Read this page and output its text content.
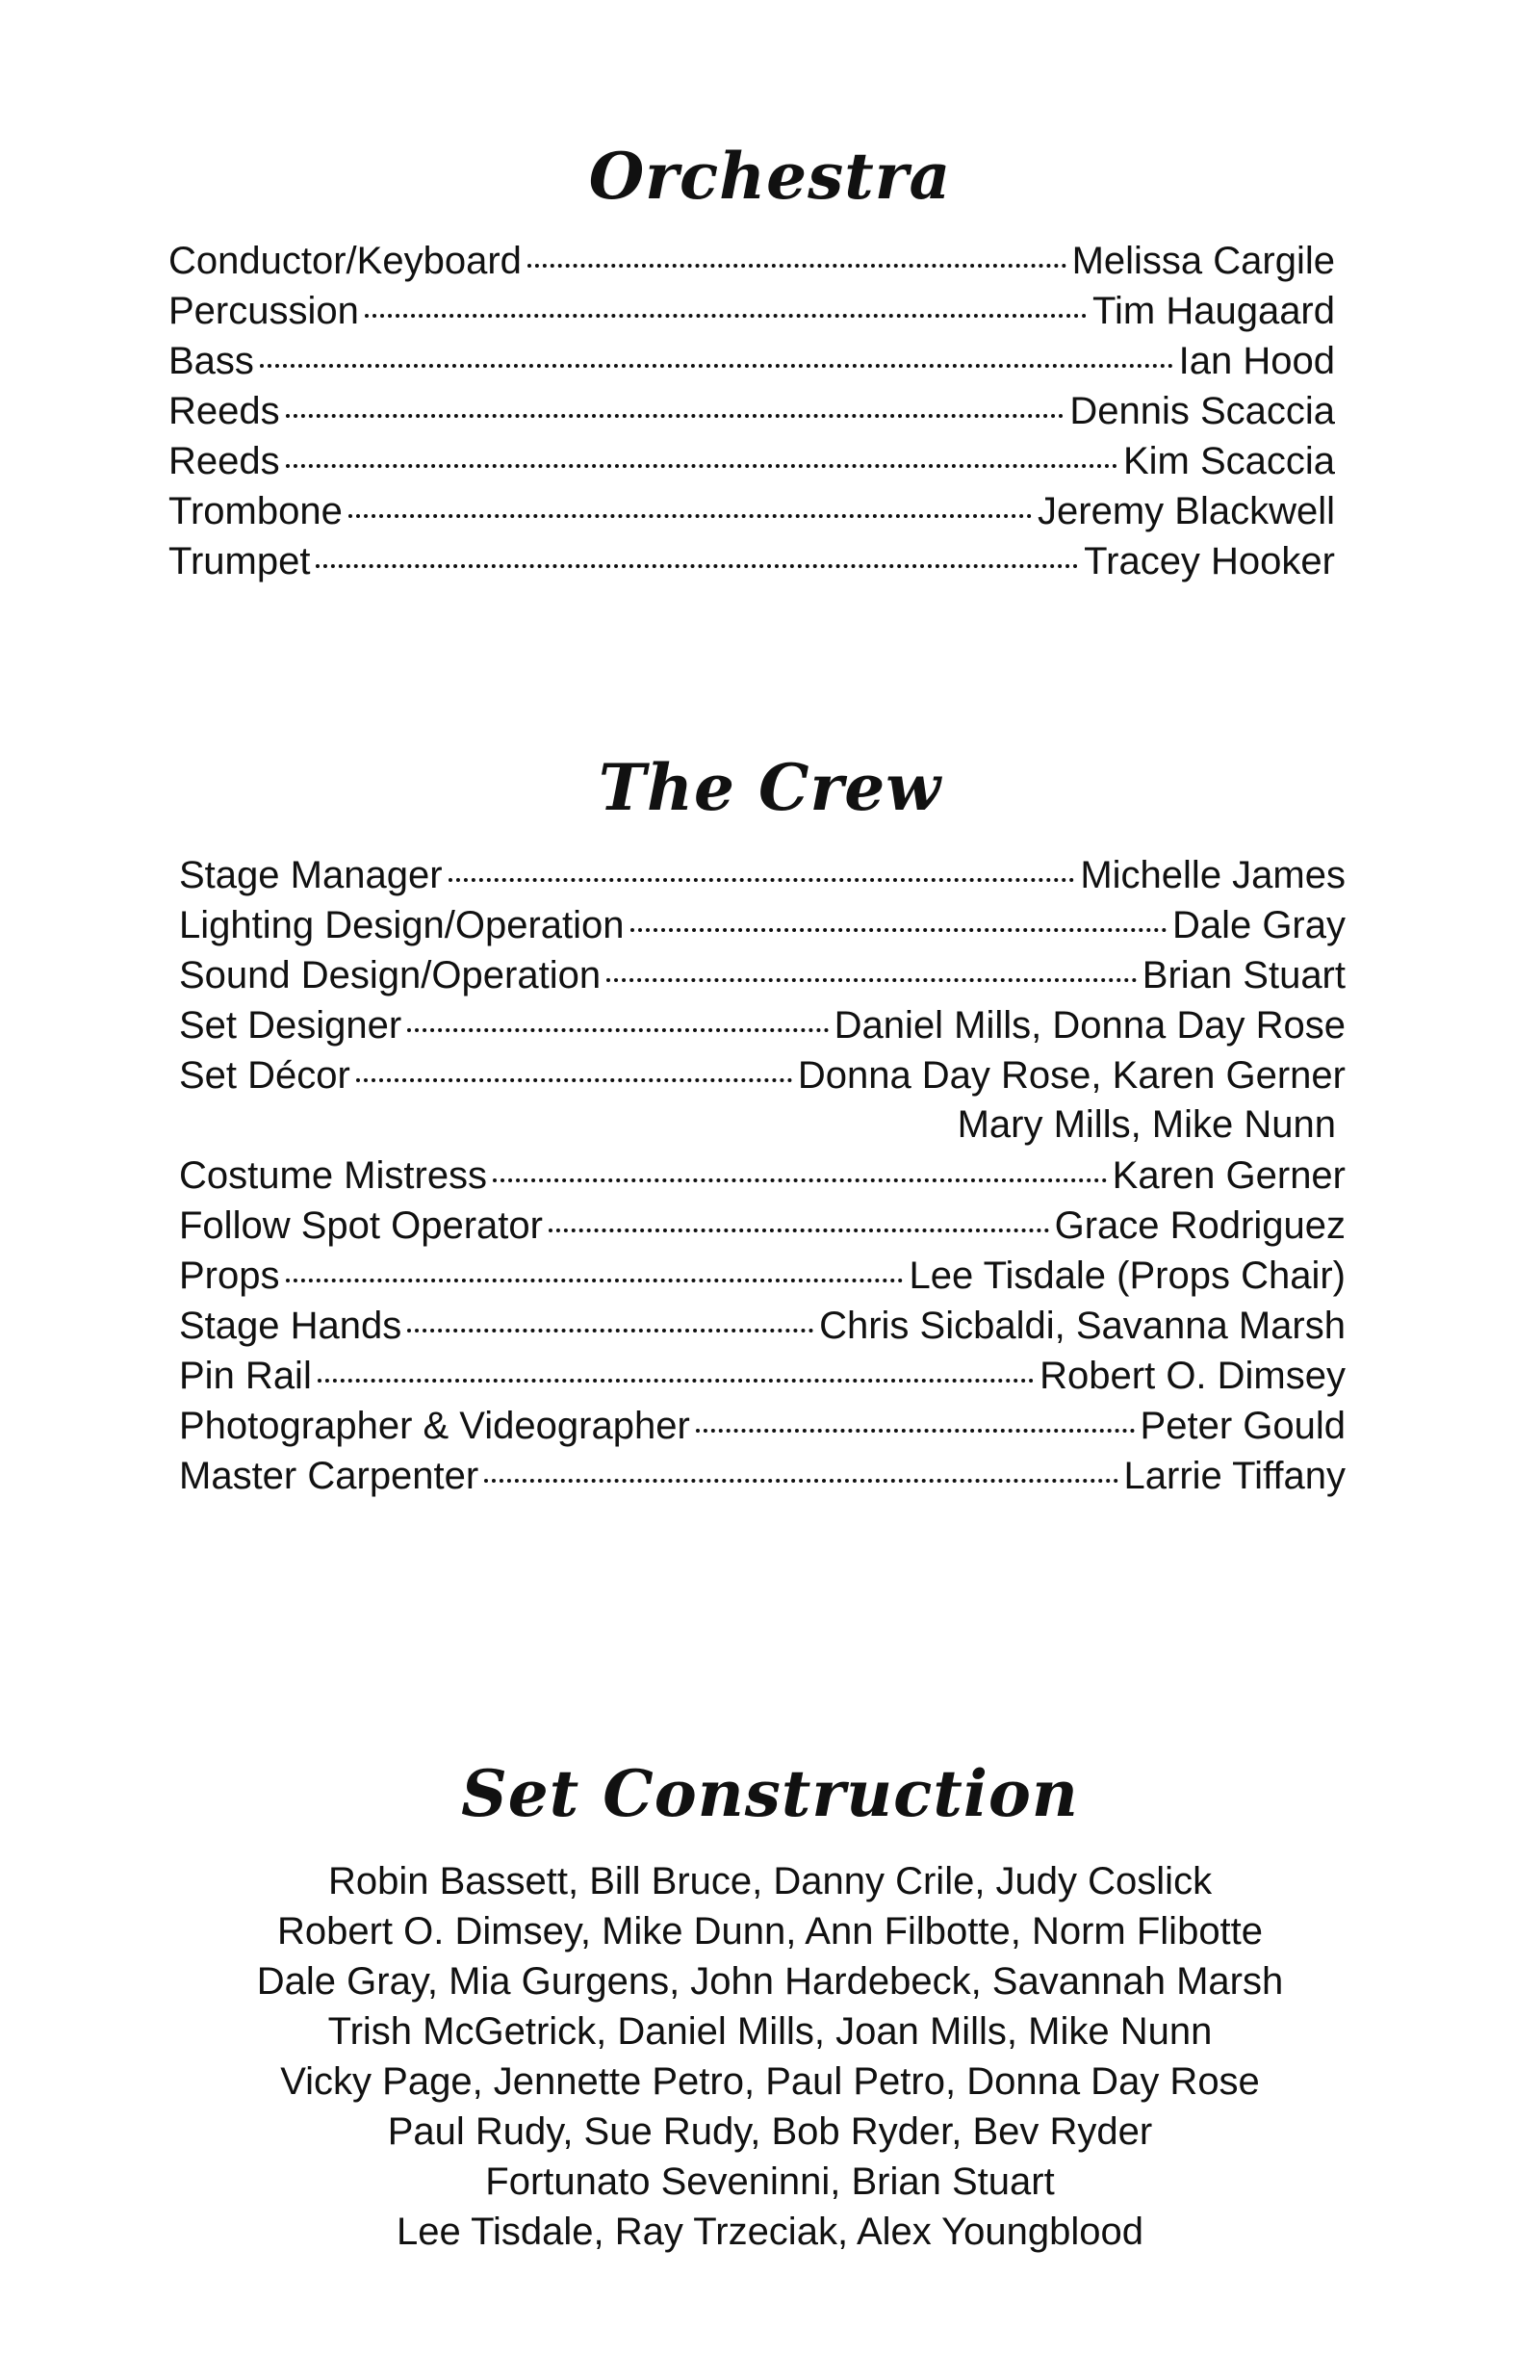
Orchestra
Conductor/Keyboard	Melissa Cargile
Percussion	Tim Haugaard
Bass	Ian Hood
Reeds	Dennis Scaccia
Reeds	Kim Scaccia
Trombone	Jeremy Blackwell
Trumpet	Tracey Hooker
The Crew
Stage Manager	Michelle James
Lighting Design/Operation	Dale Gray
Sound Design/Operation	Brian Stuart
Set Designer	Daniel Mills, Donna Day Rose
Set Décor	Donna Day Rose, Karen Gerner
Mary Mills, Mike Nunn
Costume Mistress	Karen Gerner
Follow Spot Operator	Grace Rodriguez
Props	Lee Tisdale (Props Chair)
Stage Hands	Chris Sicbaldi, Savanna Marsh
Pin Rail	Robert O. Dimsey
Photographer & Videographer	Peter Gould
Master Carpenter	Larrie Tiffany
Set Construction
Robin Bassett, Bill Bruce, Danny Crile, Judy Coslick
Robert O. Dimsey, Mike Dunn, Ann Filbotte, Norm Flibotte
Dale Gray, Mia Gurgens, John Hardebeck, Savannah Marsh
Trish McGetrick, Daniel Mills, Joan Mills, Mike Nunn
Vicky Page, Jennette Petro, Paul Petro, Donna Day Rose
Paul Rudy, Sue Rudy, Bob Ryder, Bev Ryder
Fortunato Seveninni, Brian Stuart
Lee Tisdale, Ray Trzeciak, Alex Youngblood
